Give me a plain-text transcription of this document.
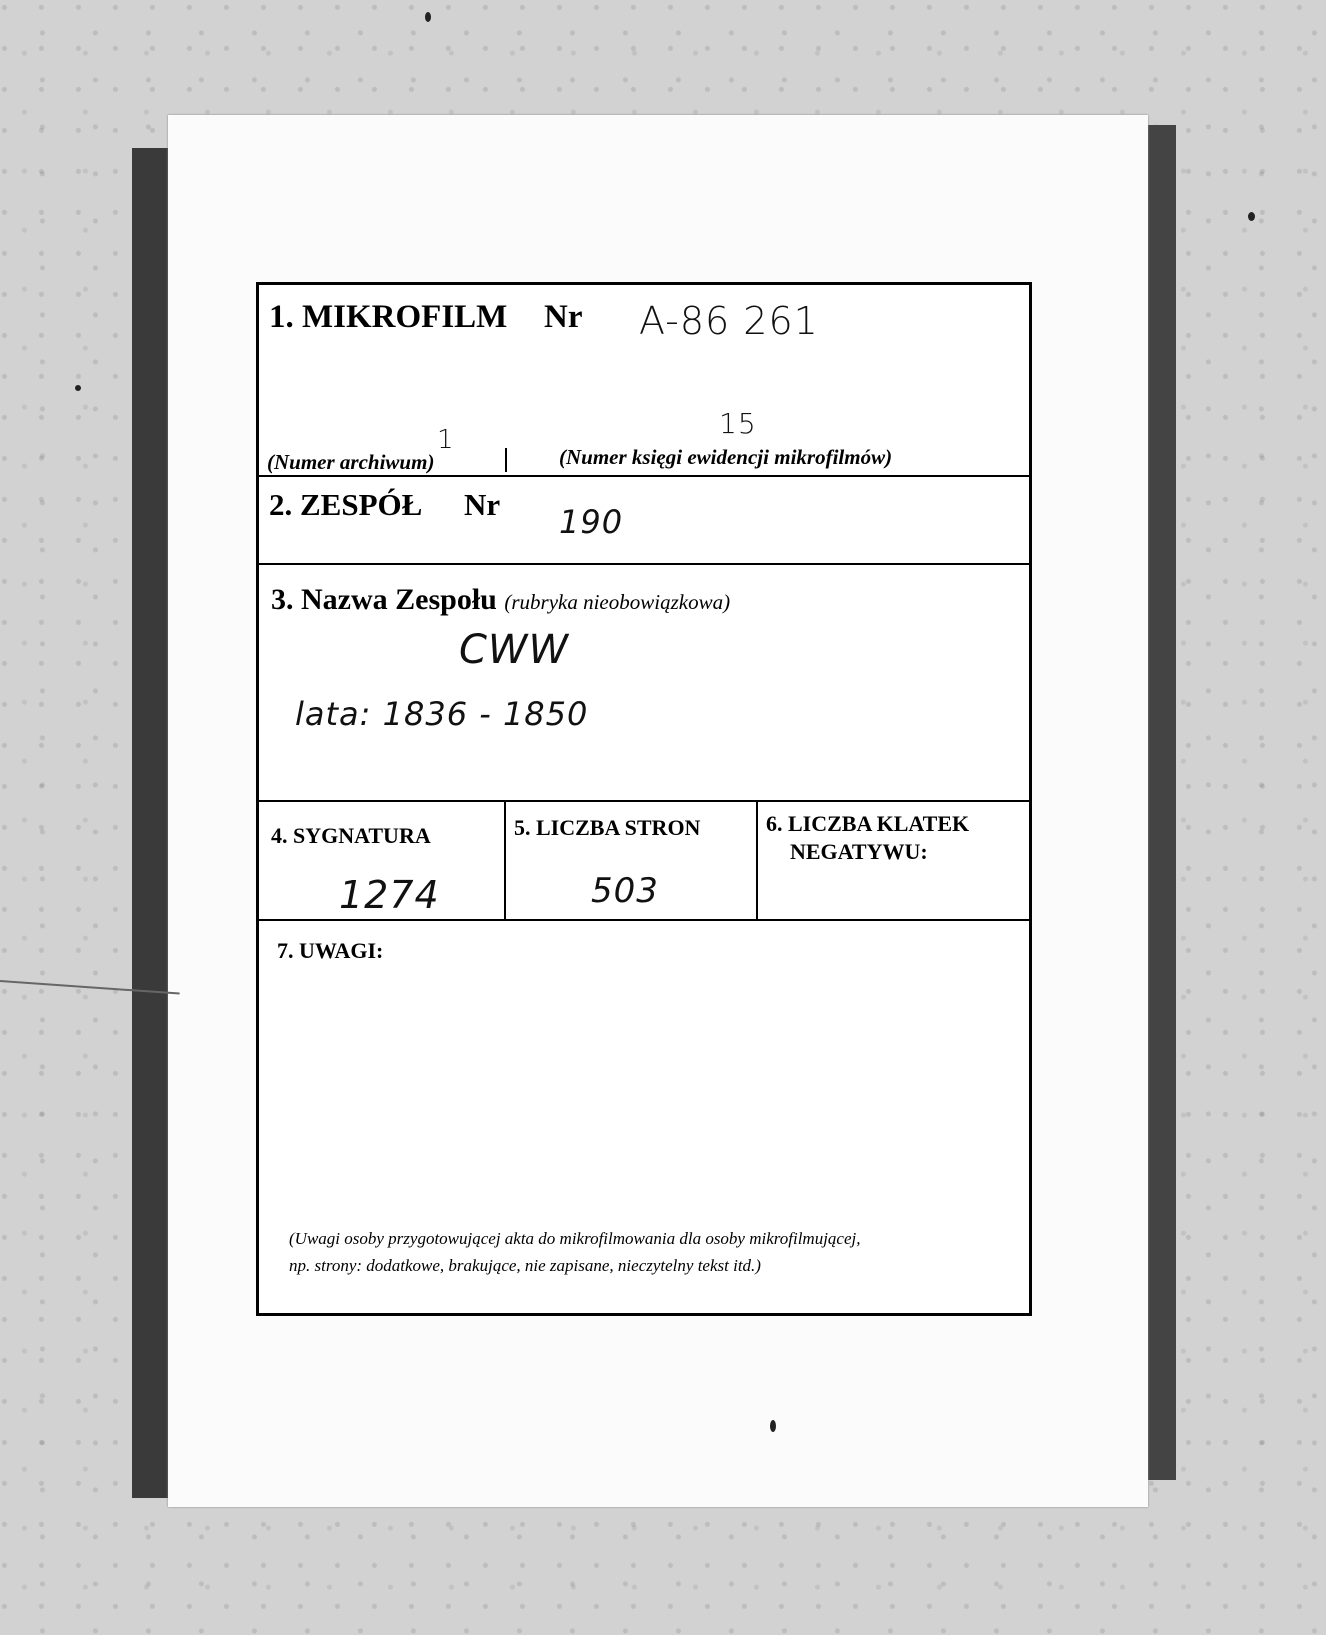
1. MIKROFILM Nr A-86 261
1
(Numer archiwum)
15
(Numer księgi ewidencji mikrofilmów)
2. ZESPÓŁ Nr 190
3. Nazwa Zespołu (rubryka nieobowiązkowa)
CWW
lata: 1836 - 1850
4. SYGNATURA
1274
5. LICZBA STRON
503
6. LICZBA KLATEK
NEGATYWU:
7. UWAGI:
(Uwagi osoby przygotowującej akta do mikrofilmowania dla osoby mikrofilmującej,
np. strony: dodatkowe, brakujące, nie zapisane, nieczytelny tekst itd.)
